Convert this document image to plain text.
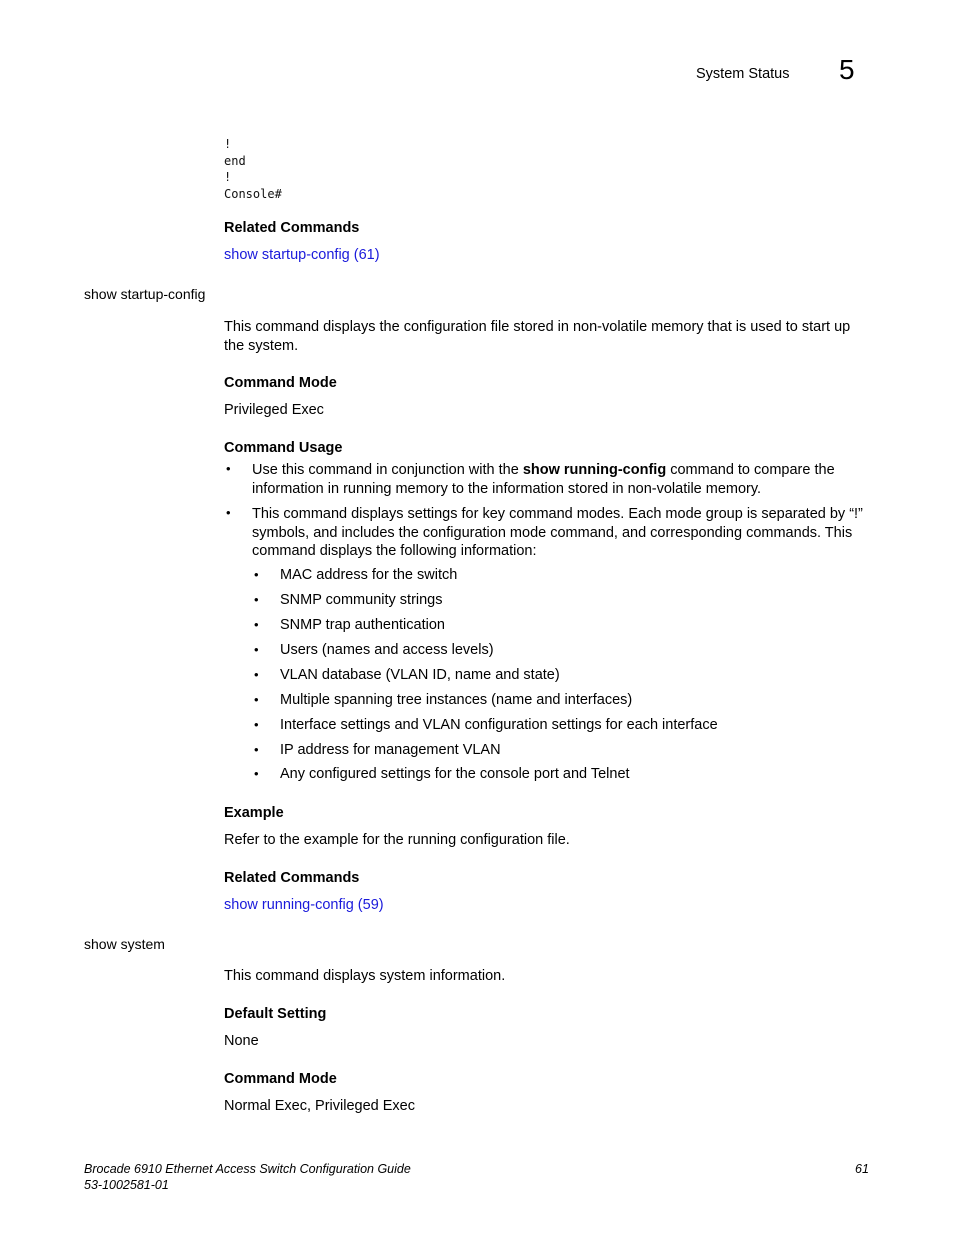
System Status 5
!
end
!
Console#
Related Commands
show startup-config (61)
show startup-config
This command displays the configuration file stored in non-volatile memory that is used to start up the system.
Command Mode
Privileged Exec
Command Usage
• Use this command in conjunction with the show running-config command to compare the information in running memory to the information stored in non-volatile memory.
• This command displays settings for key command modes. Each mode group is separated by “!” symbols, and includes the configuration mode command, and corresponding commands. This command displays the following information:
• MAC address for the switch
• SNMP community strings
• SNMP trap authentication
• Users (names and access levels)
• VLAN database (VLAN ID, name and state)
• Multiple spanning tree instances (name and interfaces)
• Interface settings and VLAN configuration settings for each interface
• IP address for management VLAN
• Any configured settings for the console port and Telnet
Example
Refer to the example for the running configuration file.
Related Commands
show running-config (59)
show system
This command displays system information.
Default Setting
None
Command Mode
Normal Exec, Privileged Exec
Brocade 6910 Ethernet Access Switch Configuration Guide
53-1002581-01
61
